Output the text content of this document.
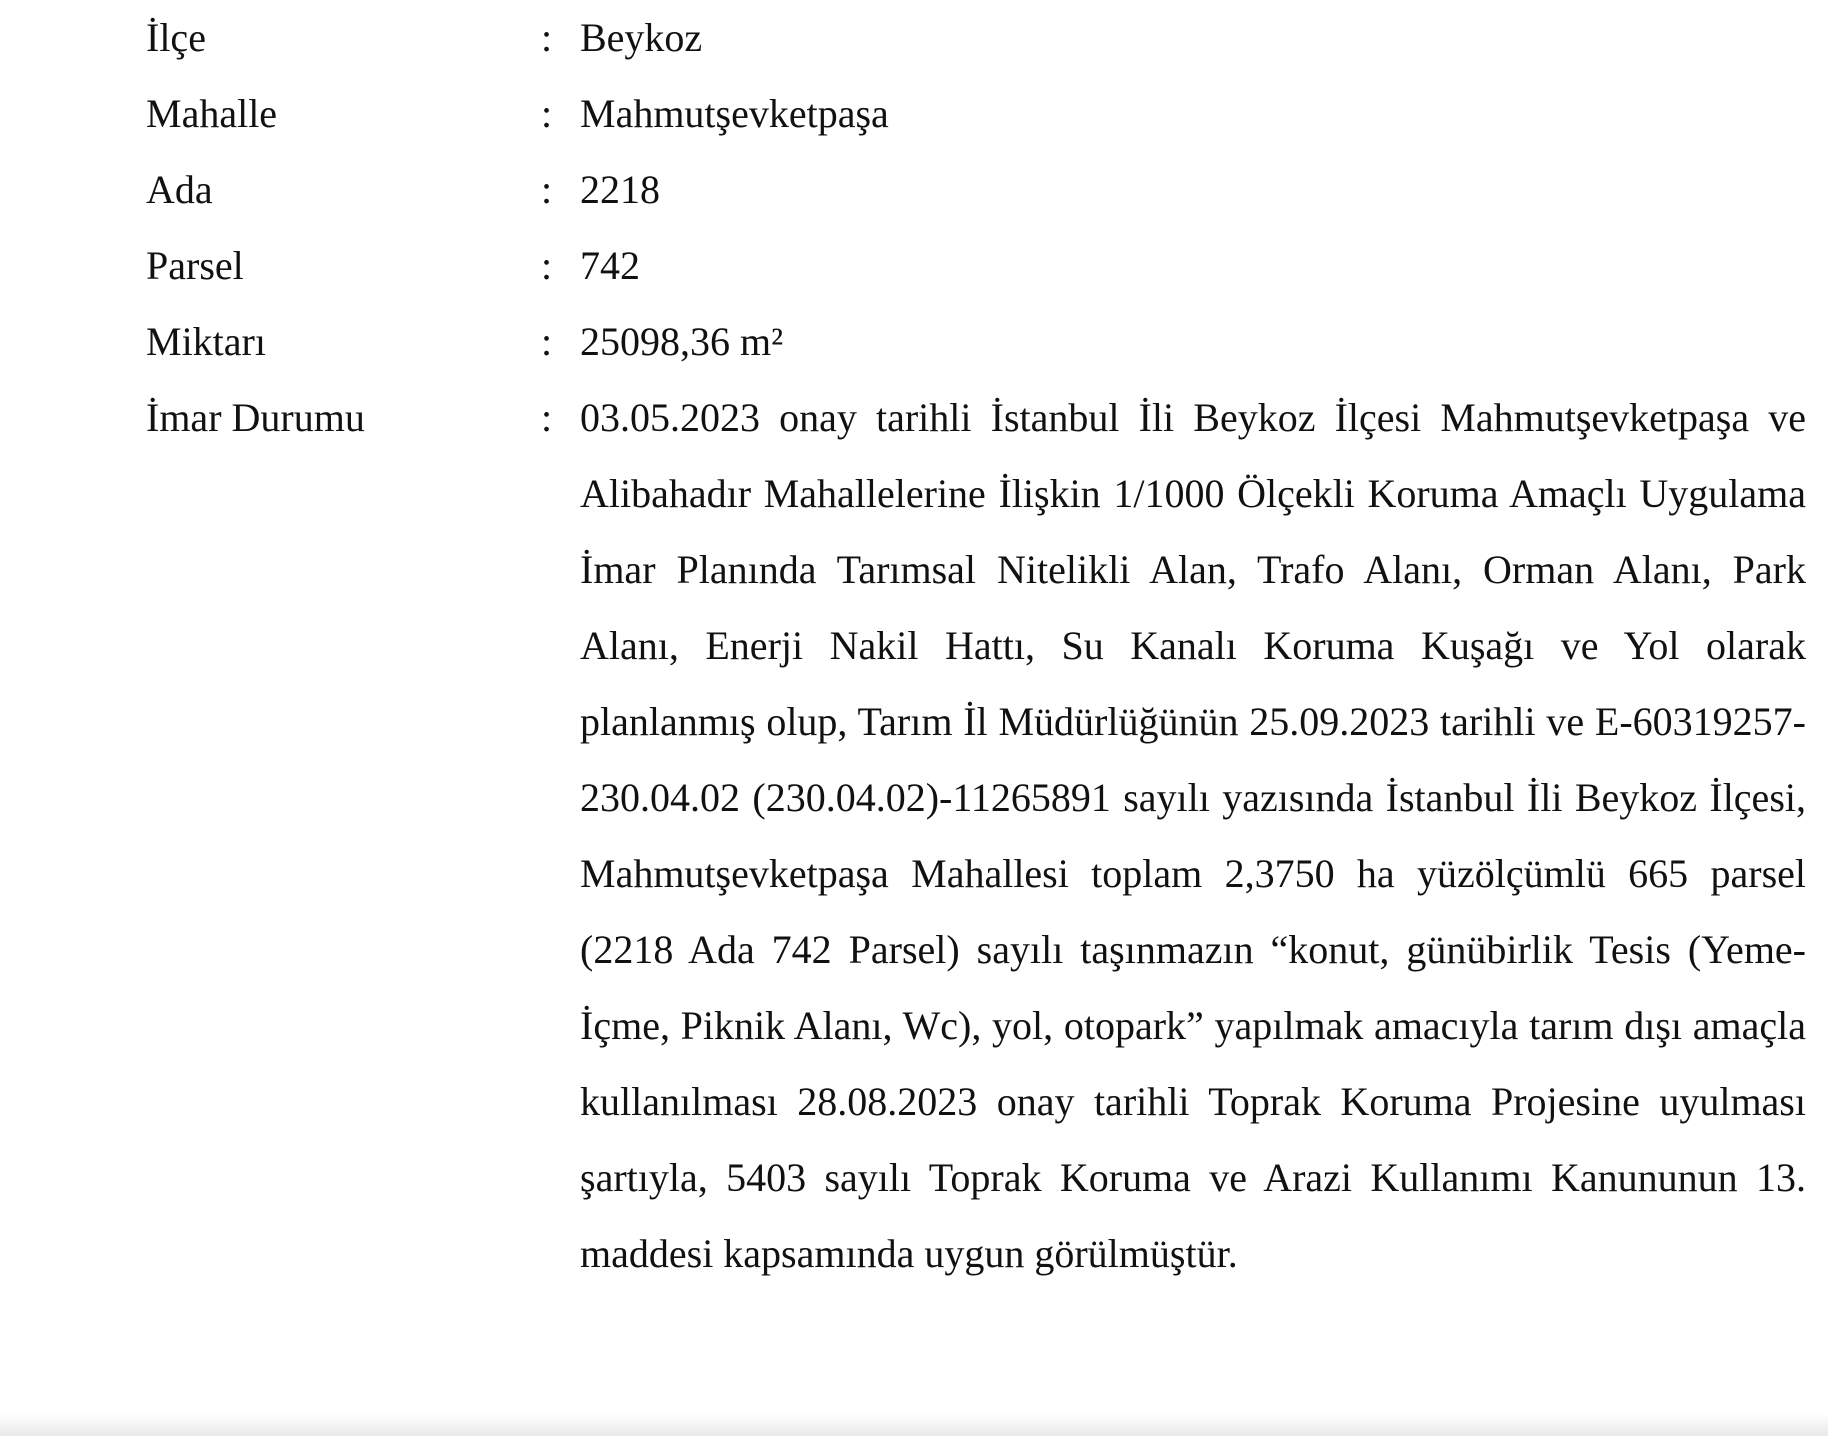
İlçe	: Beykoz
Mahalle	: Mahmutşevketpaşa
Ada	: 2218
Parsel	: 742
Miktarı	: 25098,36 m²
İmar Durumu	: 03.05.2023 onay tarihli İstanbul İli Beykoz İlçesi Mahmutşevketpaşa ve Alibahadır Mahallelerine İlişkin 1/1000 Ölçekli Koruma Amaçlı Uygulama İmar Planında Tarımsal Nitelikli Alan, Trafo Alanı, Orman Alanı, Park Alanı, Enerji Nakil Hattı, Su Kanalı Koruma Kuşağı ve Yol olarak planlanmış olup, Tarım İl Müdürlüğünün 25.09.2023 tarihli ve E-60319257-230.04.02 (230.04.02)-11265891 sayılı yazısında İstanbul İli Beykoz İlçesi, Mahmutşevketpaşa Mahallesi toplam 2,3750 ha yüzölçümlü 665 parsel (2218 Ada 742 Parsel) sayılı taşınmazın “konut, günübirlik Tesis (Yeme-İçme, Piknik Alanı, Wc), yol, otopark” yapılmak amacıyla tarım dışı amaçla kullanılması 28.08.2023 onay tarihli Toprak Koruma Projesine uyulması şartıyla, 5403 sayılı Toprak Koruma ve Arazi Kullanımı Kanununun 13. maddesi kapsamında uygun görülmüştür.
